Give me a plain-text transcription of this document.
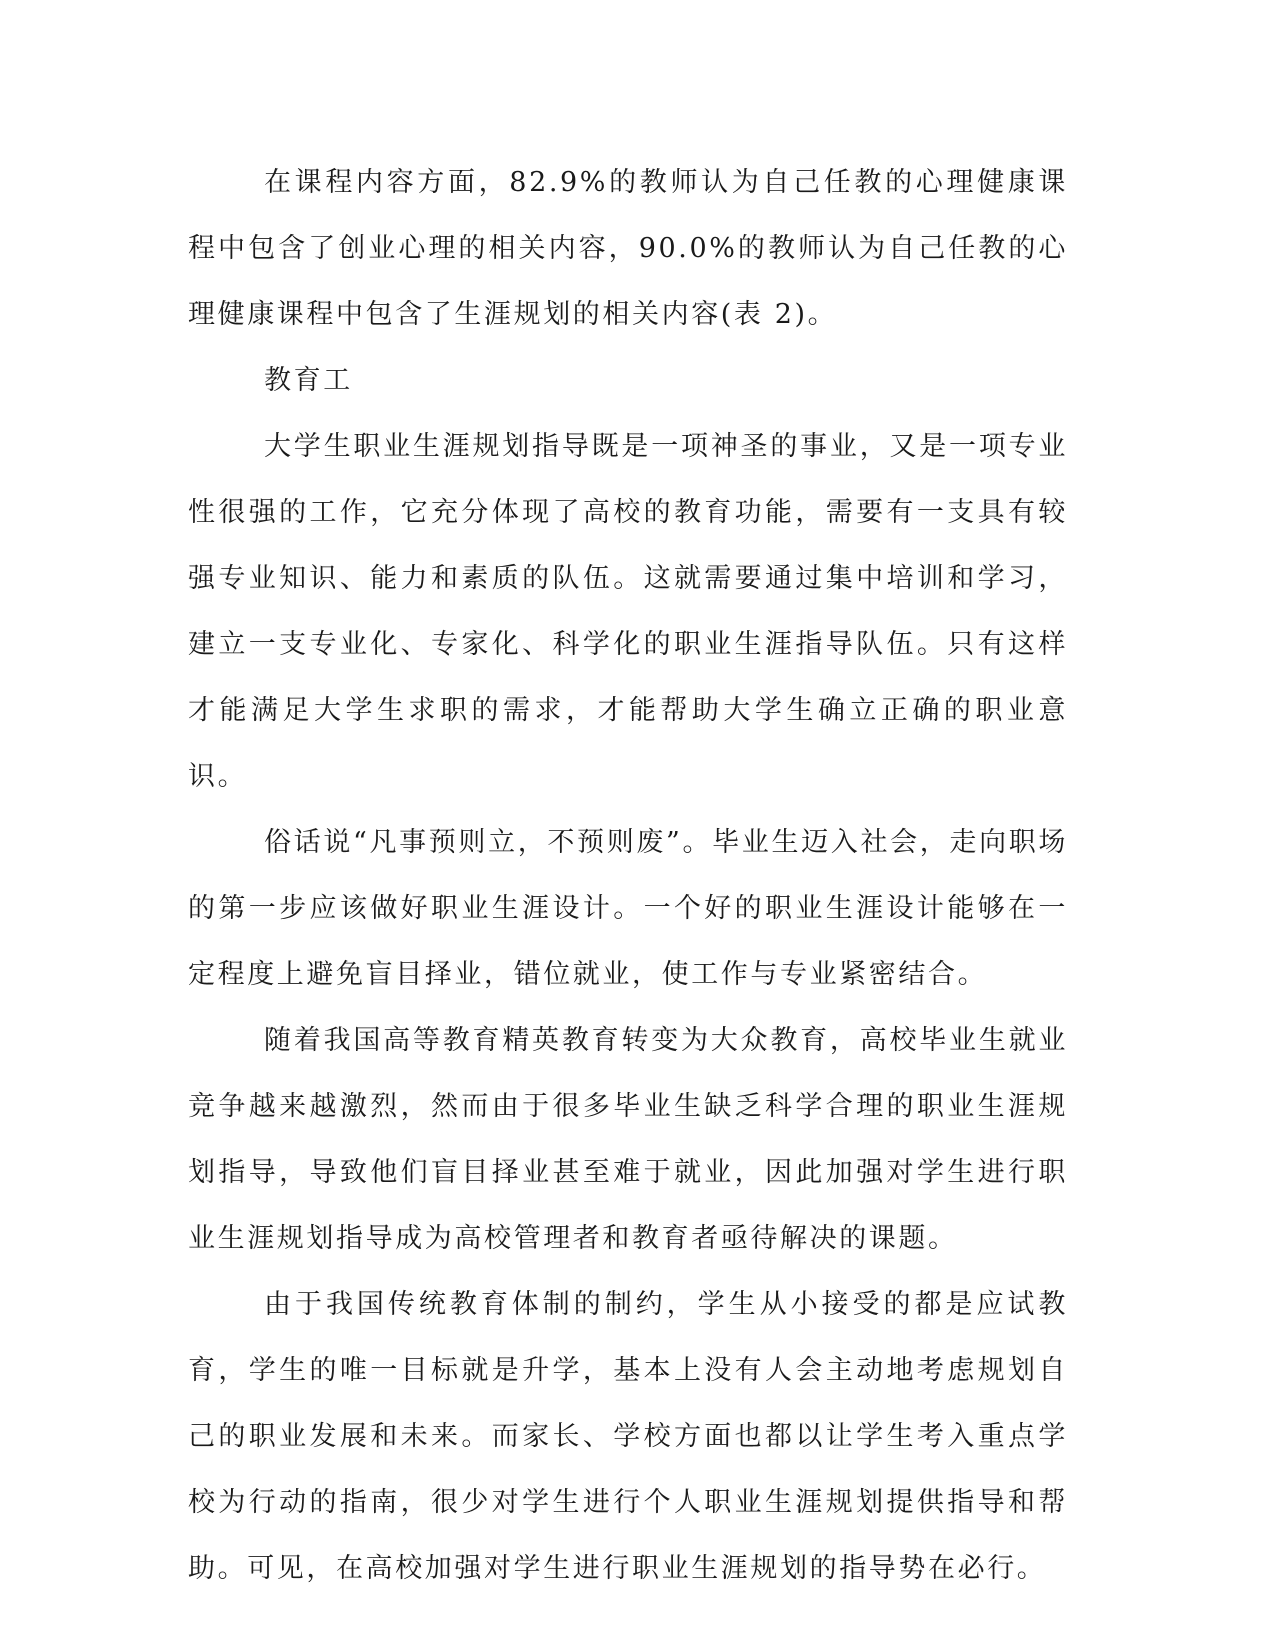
在课程内容方面，82.9%的教师认为自己任教的心理健康课程中包含了创业心理的相关内容，90.0%的教师认为自己任教的心理健康课程中包含了生涯规划的相关内容(表 2)。

教育工

大学生职业生涯规划指导既是一项神圣的事业，又是一项专业性很强的工作，它充分体现了高校的教育功能，需要有一支具有较强专业知识、能力和素质的队伍。这就需要通过集中培训和学习，建立一支专业化、专家化、科学化的职业生涯指导队伍。只有这样才能满足大学生求职的需求，才能帮助大学生确立正确的职业意识。

俗话说“凡事预则立，不预则废”。毕业生迈入社会，走向职场的第一步应该做好职业生涯设计。一个好的职业生涯设计能够在一定程度上避免盲目择业，错位就业，使工作与专业紧密结合。

随着我国高等教育精英教育转变为大众教育，高校毕业生就业竞争越来越激烈，然而由于很多毕业生缺乏科学合理的职业生涯规划指导，导致他们盲目择业甚至难于就业，因此加强对学生进行职业生涯规划指导成为高校管理者和教育者亟待解决的课题。

由于我国传统教育体制的制约，学生从小接受的都是应试教育，学生的唯一目标就是升学，基本上没有人会主动地考虑规划自己的职业发展和未来。而家长、学校方面也都以让学生考入重点学校为行动的指南，很少对学生进行个人职业生涯规划提供指导和帮助。可见，在高校加强对学生进行职业生涯规划的指导势在必行。
